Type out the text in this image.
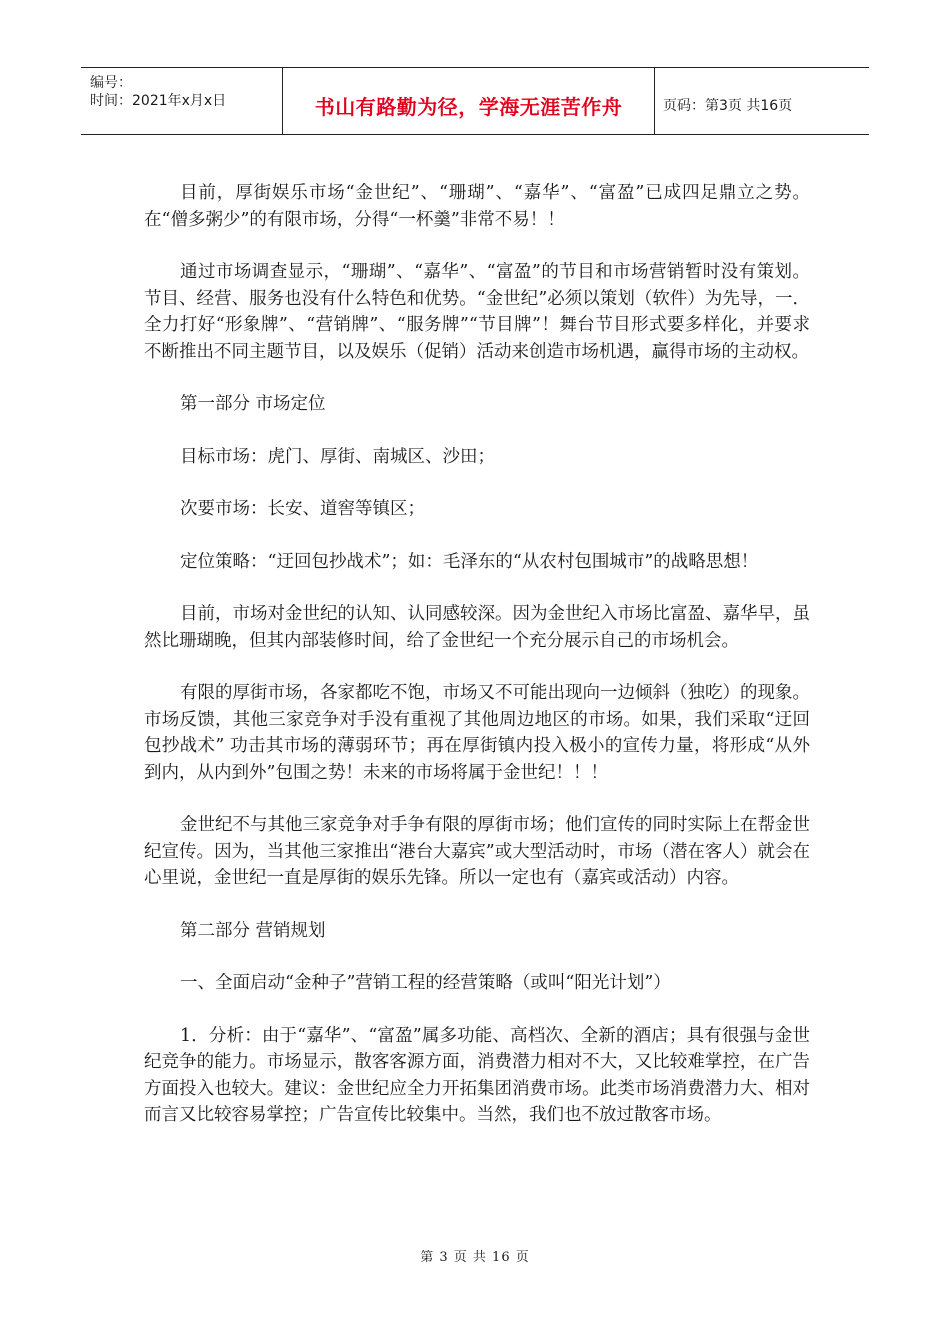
编号：
时间：2021年x月x日	书山有路勤为径，学海无涯苦作舟	页码：第3页 共16页

目前，厚街娱乐市场“金世纪”、“珊瑚”、“嘉华”、“富盈”已成四足鼎立之势。在“僧多粥少”的有限市场，分得“一杯羹”非常不易！！

通过市场调查显示，“珊瑚”、“嘉华”、“富盈”的节目和市场营销暂时没有策划。节目、经营、服务也没有什么特色和优势。“金世纪”必须以策划（软件）为先导，一．全力打好“形象牌”、“营销牌”、“服务牌”“节目牌”！舞台节目形式要多样化，并要求不断推出不同主题节目，以及娱乐（促销）活动来创造市场机遇，赢得市场的主动权。

第一部分 市场定位

目标市场：虎门、厚街、南城区、沙田；

次要市场：长安、道窖等镇区；

定位策略：“迂回包抄战术”；如：毛泽东的“从农村包围城市”的战略思想！

目前，市场对金世纪的认知、认同感较深。因为金世纪入市场比富盈、嘉华早，虽然比珊瑚晚，但其内部装修时间，给了金世纪一个充分展示自己的市场机会。

有限的厚街市场，各家都吃不饱，市场又不可能出现向一边倾斜（独吃）的现象。市场反馈，其他三家竞争对手没有重视了其他周边地区的市场。如果，我们采取“迂回包抄战术” 功击其市场的薄弱环节；再在厚街镇内投入极小的宣传力量，将形成“从外到内，从内到外”包围之势！未来的市场将属于金世纪！！！

金世纪不与其他三家竞争对手争有限的厚街市场；他们宣传的同时实际上在帮金世纪宣传。因为，当其他三家推出“港台大嘉宾”或大型活动时，市场（潜在客人）就会在心里说，金世纪一直是厚街的娱乐先锋。所以一定也有（嘉宾或活动）内容。

第二部分 营销规划

一、全面启动“金种子”营销工程的经营策略（或叫“阳光计划”）

1．分析：由于“嘉华”、“富盈”属多功能、高档次、全新的酒店；具有很强与金世纪竞争的能力。市场显示，散客客源方面，消费潜力相对不大，又比较难掌控，在广告方面投入也较大。建议：金世纪应全力开拓集团消费市场。此类市场消费潜力大、相对而言又比较容易掌控；广告宣传比较集中。当然，我们也不放过散客市场。

第 3 页 共 16 页
